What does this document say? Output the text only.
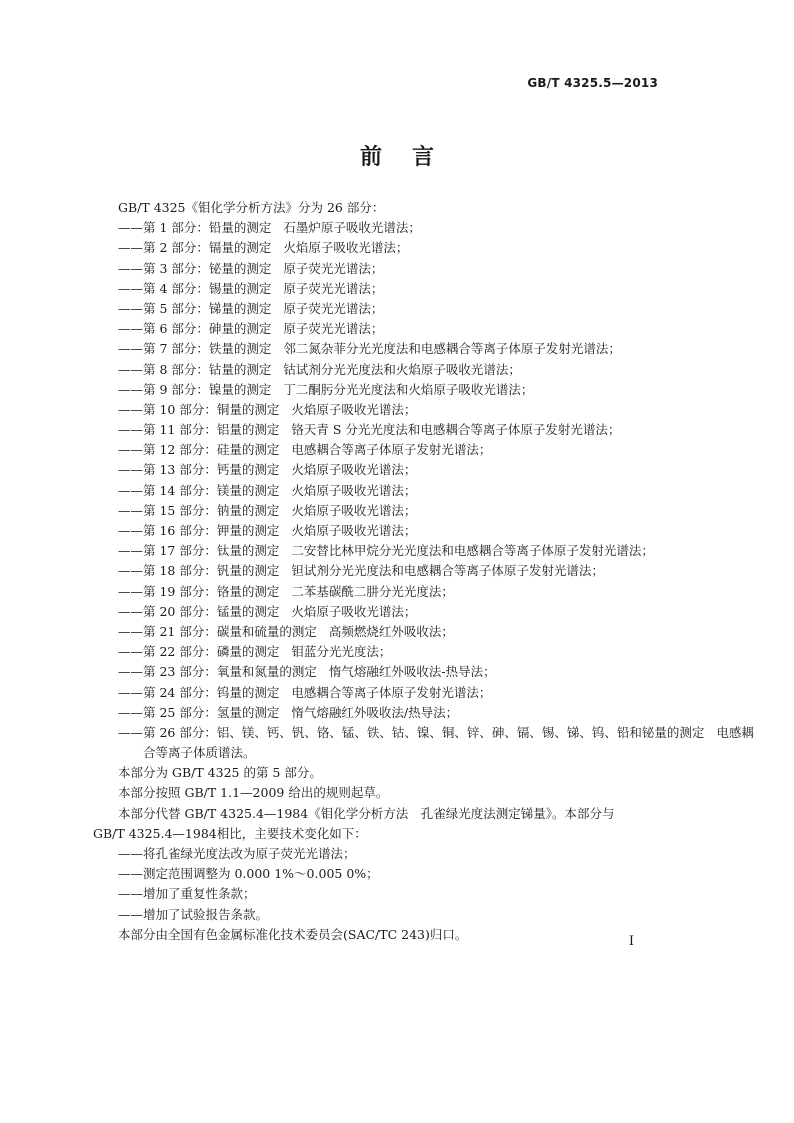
GB/T 4325.5—2013
前言
GB/T 4325《钼化学分析方法》分为 26 部分：
——第 1 部分：铅量的测定 石墨炉原子吸收光谱法；
——第 2 部分：镉量的测定 火焰原子吸收光谱法；
——第 3 部分：铋量的测定 原子荧光光谱法；
——第 4 部分：锡量的测定 原子荧光光谱法；
——第 5 部分：锑量的测定 原子荧光光谱法；
——第 6 部分：砷量的测定 原子荧光光谱法；
——第 7 部分：铁量的测定 邻二氮杂菲分光光度法和电感耦合等离子体原子发射光谱法；
——第 8 部分：钴量的测定 钴试剂分光光度法和火焰原子吸收光谱法；
——第 9 部分：镍量的测定 丁二酮肟分光光度法和火焰原子吸收光谱法；
——第 10 部分：铜量的测定 火焰原子吸收光谱法；
——第 11 部分：铝量的测定 铬天青 S 分光光度法和电感耦合等离子体原子发射光谱法；
——第 12 部分：硅量的测定 电感耦合等离子体原子发射光谱法；
——第 13 部分：钙量的测定 火焰原子吸收光谱法；
——第 14 部分：镁量的测定 火焰原子吸收光谱法；
——第 15 部分：钠量的测定 火焰原子吸收光谱法；
——第 16 部分：钾量的测定 火焰原子吸收光谱法；
——第 17 部分：钛量的测定 二安替比林甲烷分光光度法和电感耦合等离子体原子发射光谱法；
——第 18 部分：钒量的测定 钽试剂分光光度法和电感耦合等离子体原子发射光谱法；
——第 19 部分：铬量的测定 二苯基碳酰二肼分光光度法；
——第 20 部分：锰量的测定 火焰原子吸收光谱法；
——第 21 部分：碳量和硫量的测定 高频燃烧红外吸收法；
——第 22 部分：磷量的测定 钼蓝分光光度法；
——第 23 部分：氧量和氮量的测定 惰气熔融红外吸收法-热导法；
——第 24 部分：钨量的测定 电感耦合等离子体原子发射光谱法；
——第 25 部分：氢量的测定 惰气熔融红外吸收法/热导法；
——第 26 部分：铝、镁、钙、钒、铬、锰、铁、钴、镍、铜、锌、砷、镉、锡、锑、钨、铅和铋量的测定 电感耦
合等离子体质谱法。
本部分为 GB/T 4325 的第 5 部分。
本部分按照 GB/T 1.1—2009 给出的规则起草。
本部分代替 GB/T 4325.4—1984《钼化学分析方法　孔雀绿光度法测定锑量》。本部分与
GB/T 4325.4—1984相比，主要技术变化如下：
——将孔雀绿光度法改为原子荧光光谱法；
——测定范围调整为 0.000 1%～0.005 0%；
——增加了重复性条款；
——增加了试验报告条款。
本部分由全国有色金属标准化技术委员会(SAC/TC 243)归口。	I
